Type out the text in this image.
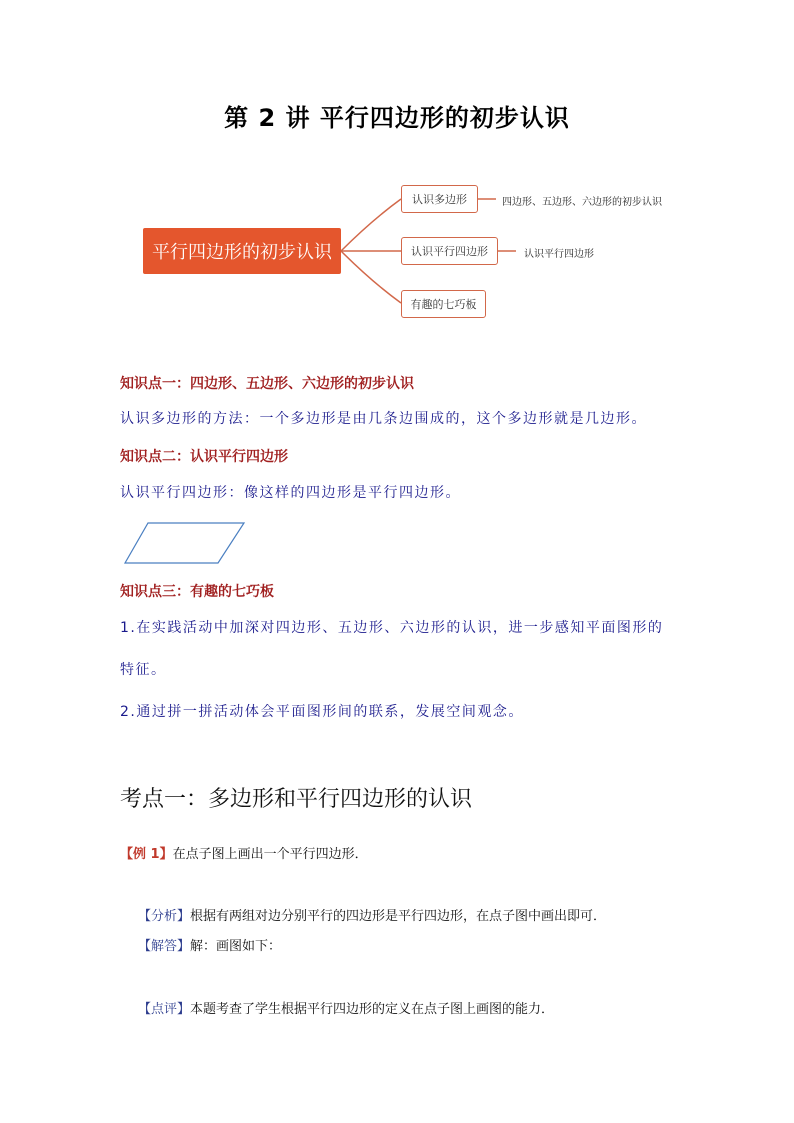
第 2 讲 平行四边形的初步认识
平行四边形的初步认识
认识多边形
认识平行四边形
有趣的七巧板
四边形、五边形、六边形的初步认识
认识平行四边形
知识点一：四边形、五边形、六边形的初步认识
认识多边形的方法：一个多边形是由几条边围成的，这个多边形就是几边形。
知识点二：认识平行四边形
认识平行四边形：像这样的四边形是平行四边形。
知识点三：有趣的七巧板
1.在实践活动中加深对四边形、五边形、六边形的认识，进一步感知平面图形的
特征。
2.通过拼一拼活动体会平面图形间的联系，发展空间观念。
考点一：多边形和平行四边形的认识
【例 1】在点子图上画出一个平行四边形．
【分析】根据有两组对边分别平行的四边形是平行四边形，在点子图中画出即可．
【解答】解：画图如下：
【点评】本题考查了学生根据平行四边形的定义在点子图上画图的能力．
